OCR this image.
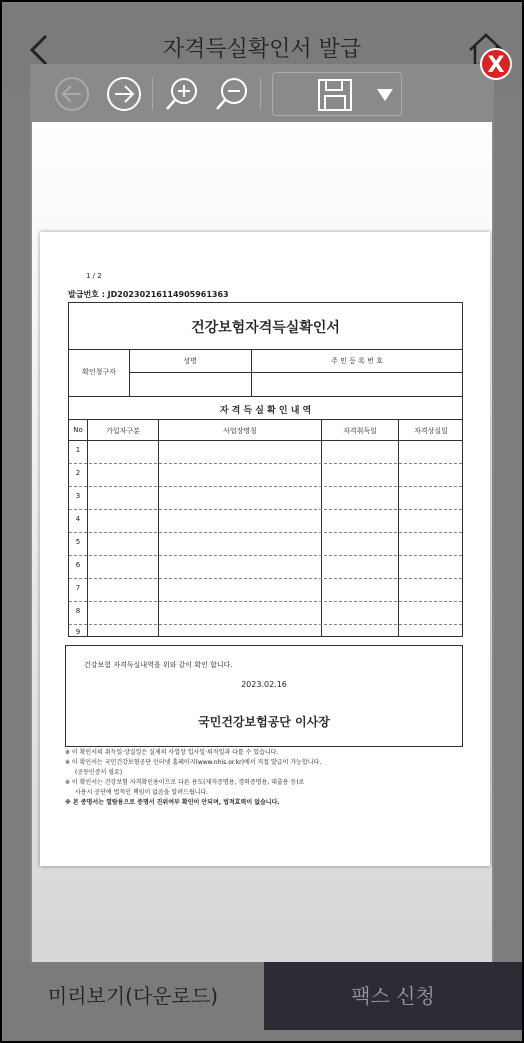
자격득실확인서 발급
1 / 2
발급번호 : JD20230216114905961363
건강보험자격득실확인서
확인청구자
성명	주 민 등 록 번 호
자 격 득 실 확 인 내 역
No	가입자구분	사업장명칭	자격취득일	자격상실일
1
2
3
4
5
6
7
8
9
건강보험 자격득실내역을 위와 같이 확인 합니다.
2023.02.16
국민건강보험공단 이사장
※ 이 확인서의 취득일·상실일은 실제의 사업장 입사일·퇴직일과 다를 수 있습니다.
※ 이 확인서는 국민건강보험공단 인터넷 홈페이지(www.nhis.or.kr)에서 직접 발급이 가능합니다.
(공동인증서 필요)
※ 이 확인서는 건강보험 자격확인용이므로 다른 용도(재직증명용, 경력증명용, 대출용 등)로
사용시 공단에 법적인 책임이 없음을 알려드립니다.
※ 본 증명서는 열람용으로 증명서 진위여부 확인이 안되며, 법적효력이 없습니다.
X
미리보기(다운로드)	팩스 신청
